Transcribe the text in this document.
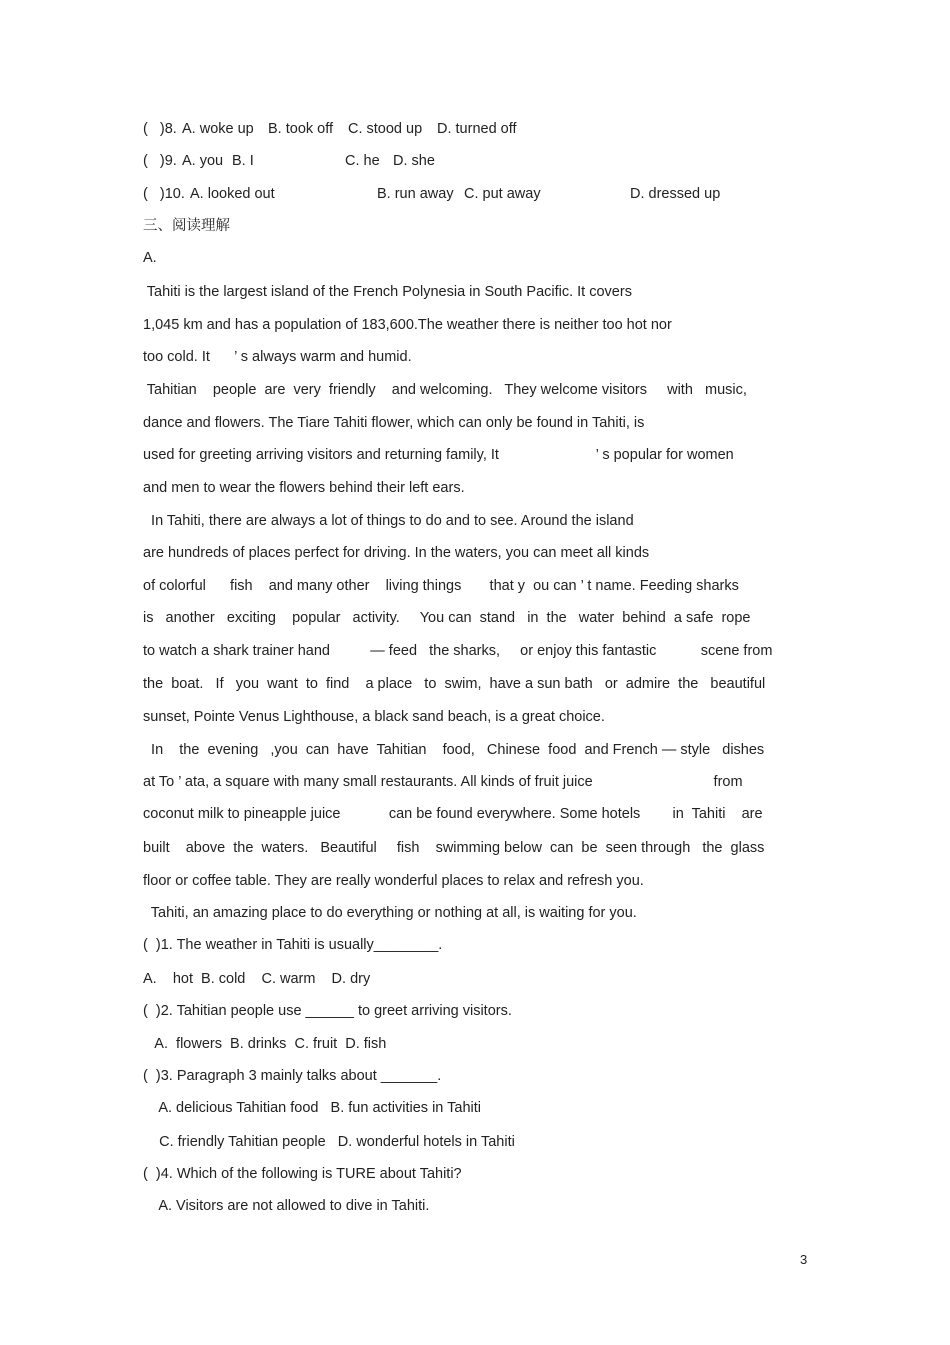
(   )8. A. woke up B. took off C. stood up D. turned off
(   )9. A. you B. I	C. he D. she
(   )10. A. looked out	B. run away C. put away	D. dressed up
三、阅读理解
A.
Tahiti is the largest island of the French Polynesia in South Pacific. It covers
1,045 km and has a population of 183,600.The weather there is neither too hot nor
too cold. It      ’ s always warm and humid.
Tahitian    people  are  very  friendly    and welcoming.   They welcome visitors     with   music,
dance and flowers. The Tiare Tahiti flower, which can only be found in Tahiti, is
used for greeting arriving visitors and returning family, It                        ’ s popular for women
and men to wear the flowers behind their left ears.
In Tahiti, there are always a lot of things to do and to see. Around the island
are hundreds of places perfect for driving. In the waters, you can meet all kinds
of colorful      fish    and many other    living things       that y  ou can ’ t name. Feeding sharks
is   another   exciting    popular   activity.     You can  stand   in  the   water  behind  a safe  rope
to watch a shark trainer hand          — feed   the sharks,     or enjoy this fantastic           scene from
the  boat.   If   you  want  to  find    a place   to  swim,  have a sun bath   or  admire  the   beautiful
sunset, Pointe Venus Lighthouse, a black sand beach, is a great choice.
In    the  evening   ,you  can  have  Tahitian    food,   Chinese  food  and French — style   dishes
at To ’ ata, a square with many small restaurants. All kinds of fruit juice                              from
coconut milk to pineapple juice            can be found everywhere. Some hotels        in  Tahiti    are
built    above  the  waters.   Beautiful     fish    swimming below  can  be  seen through   the  glass
floor or coffee table. They are really wonderful places to relax and refresh you.
Tahiti, an amazing place to do everything or nothing at all, is waiting for you.
(  )1. The weather in Tahiti is usually________.
A.    hot  B. cold    C. warm    D. dry
(  )2. Tahitian people use ______ to greet arriving visitors.
A.  flowers  B. drinks  C. fruit  D. fish
(  )3. Paragraph 3 mainly talks about _______.
A. delicious Tahitian food   B. fun activities in Tahiti
C. friendly Tahitian people   D. wonderful hotels in Tahiti
(  )4. Which of the following is TURE about Tahiti?
A. Visitors are not allowed to dive in Tahiti.
3
